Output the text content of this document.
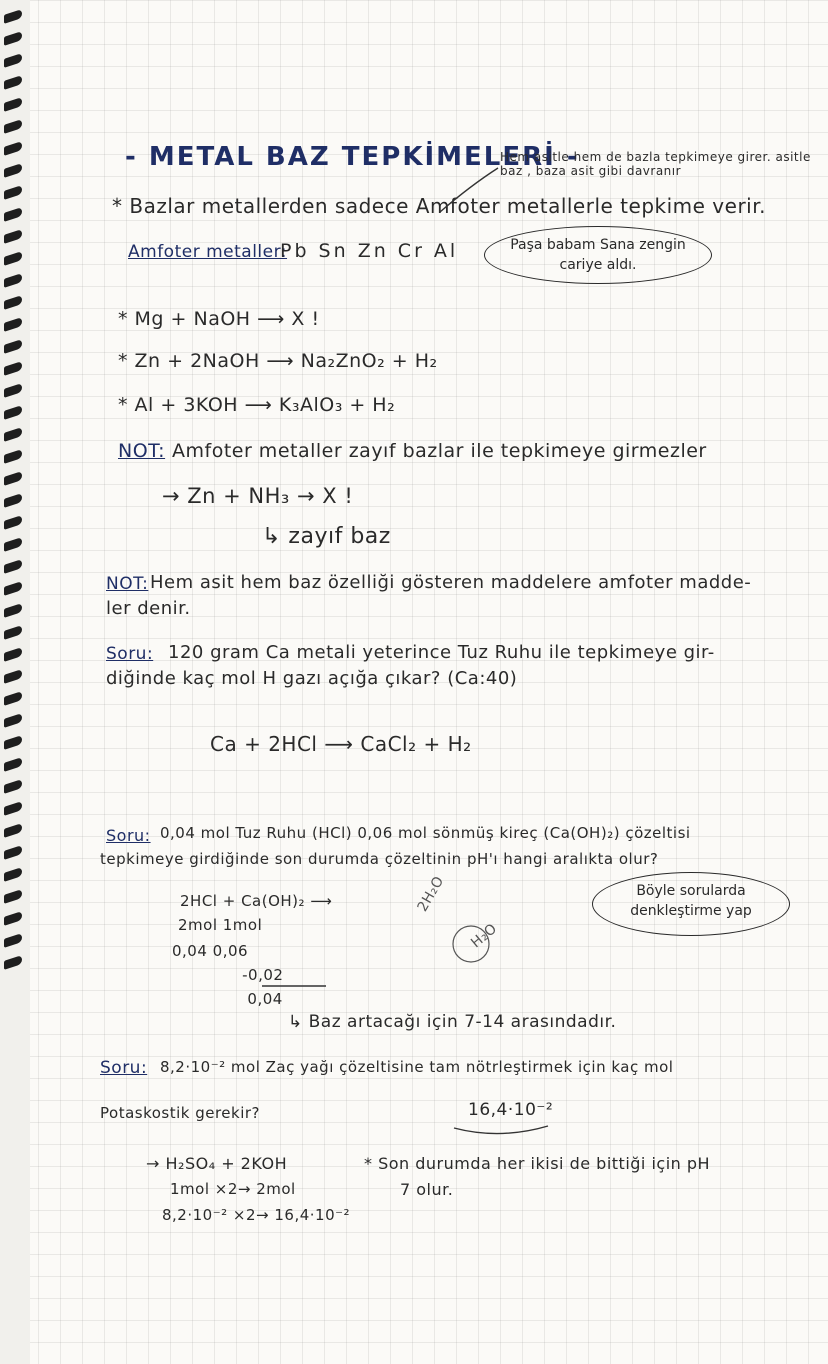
- METAL BAZ TEPKİMELERİ -
Hem asitle hem de bazla tepkimeye girer. asitle baz , baza asit gibi davranır
* Bazlar metallerden sadece Amfoter metallerle tepkime verir.
Amfoter metaller:
Pb Sn Zn Cr Al	Paşa babam Sana zengin cariye aldı.
* Mg + NaOH ⟶ X !
* Zn + 2NaOH ⟶ Na₂ZnO₂ + H₂
* Al + 3KOH ⟶ K₃AlO₃ + H₂
NOT: Amfoter metaller zayıf bazlar ile tepkimeye girmezler
→ Zn + NH₃ → X !
↳ zayıf baz
NOT: Hem asit hem baz özelliği gösteren maddelere amfoter madde-
ler denir.
Soru: 120 gram Ca metali yeterince Tuz Ruhu ile tepkimeye gir-
diğinde kaç mol H gazı açığa çıkar? (Ca:40)
Ca + 2HCl ⟶ CaCl₂ + H₂
Soru: 0,04 mol Tuz Ruhu (HCl) 0,06 mol sönmüş kireç (Ca(OH)₂) çözeltisi
tepkimeye girdiğinde son durumda çözeltinin pH'ı hangi aralıkta olur?
2HCl + Ca(OH)₂ ⟶
2mol 1mol
0,04 0,06
-0,02
0,04
2H₂O
H₂O
Böyle sorularda denkleştirme yap
↳ Baz artacağı için 7-14 arasındadır.
Soru: 8,2·10⁻² mol Zaç yağı çözeltisine tam nötrleştirmek için kaç mol
Potaskostik gerekir?	16,4·10⁻²
→ H₂SO₄ + 2KOH
1mol ×2→ 2mol
8,2·10⁻² ×2→ 16,4·10⁻²
* Son durumda her ikisi de bittiği için pH
7 olur.
